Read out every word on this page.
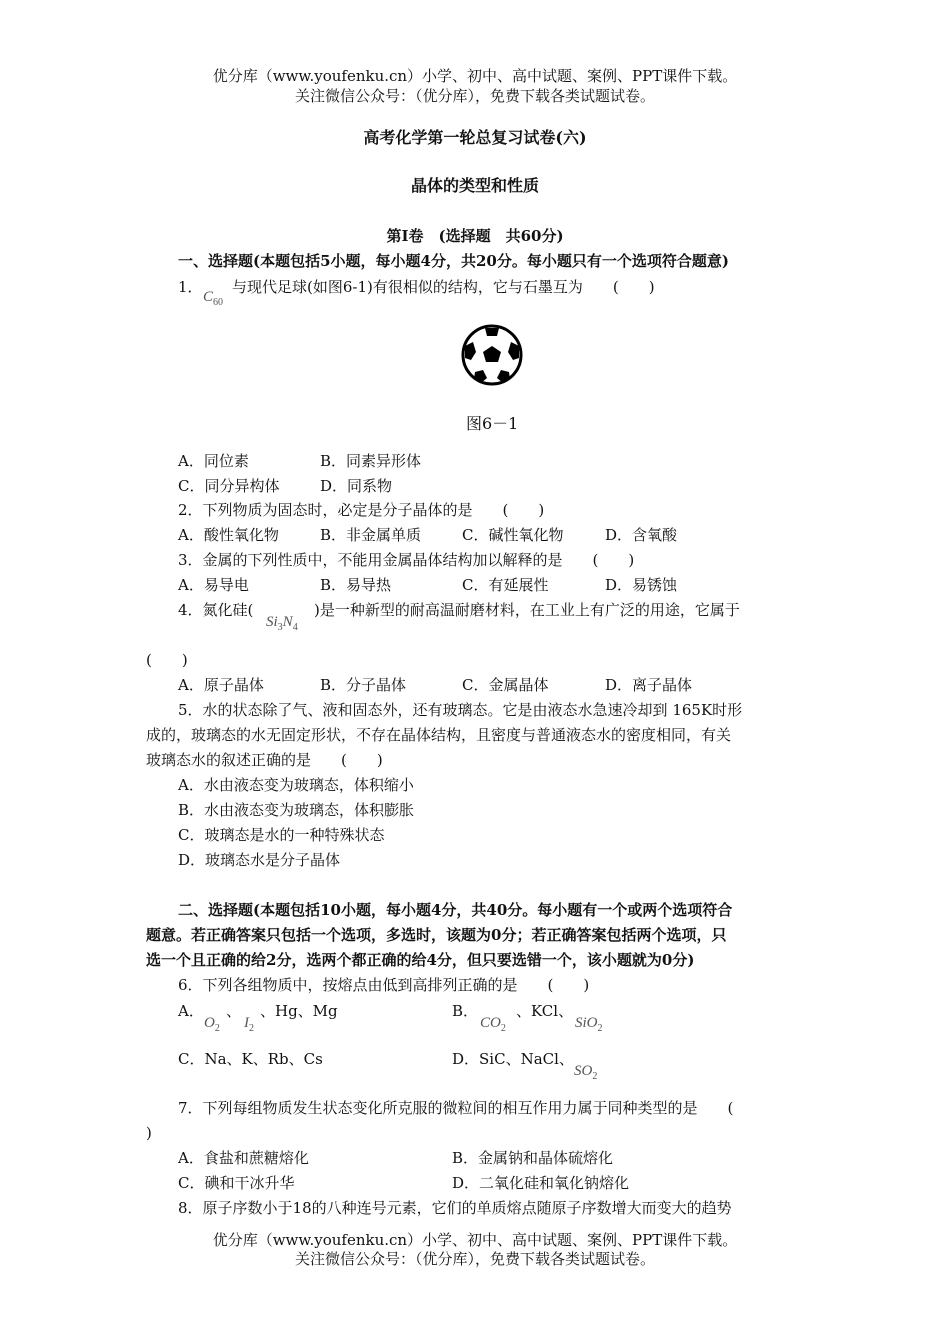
优分库（www.youfenku.cn）小学、初中、高中试题、案例、PPT课件下载。
关注微信公众号：（优分库），免费下载各类试题试卷。
高考化学第一轮总复习试卷(六)
晶体的类型和性质
第Ⅰ卷　(选择题　共60分)
一、选择题(本题包括5小题，每小题4分，共20分。每小题只有一个选项符合题意)
1．
$C_{60}$
与现代足球(如图6-1)有很相似的结构，它与石墨互为　　(　　)
图6－1
A．同位素	B．同素异形体
C．同分异构体	D．同系物
2．下列物质为固态时，必定是分子晶体的是　　(　　)
A．酸性氧化物	B．非金属单质	C．碱性氧化物	D．含氧酸
3．金属的下列性质中，不能用金属晶体结构加以解释的是　　(　　)
A．易导电	B．易导热	C．有延展性	D．易锈蚀
4．氮化硅(
$Si_3N_4$
)是一种新型的耐高温耐磨材料，在工业上有广泛的用途，它属于
(　　)
A．原子晶体	B．分子晶体	C．金属晶体	D．离子晶体
5．水的状态除了气、液和固态外，还有玻璃态。它是由液态水急速冷却到 165K时形
成的，玻璃态的水无固定形状，不存在晶体结构，且密度与普通液态水的密度相同，有关
玻璃态水的叙述正确的是　　(　　)
A．水由液态变为玻璃态，体积缩小
B．水由液态变为玻璃态，体积膨胀
C．玻璃态是水的一种特殊状态
D．玻璃态水是分子晶体
二、选择题(本题包括10小题，每小题4分，共40分。每小题有一个或两个选项符合
题意。若正确答案只包括一个选项，多选时，该题为0分；若正确答案包括两个选项，只
选一个且正确的给2分，选两个都正确的给4分，但只要选错一个，该小题就为0分)
6．下列各组物质中，按熔点由低到高排列正确的是　　(　　)
A．
$O_2$
、
$I_2$
、Hg、Mg	B．
$CO_2$
、KCl、
SiO$_2$
C．Na、K、Rb、Cs	D．SiC、NaCl、
$SO_2$
7．下列每组物质发生状态变化所克服的微粒间的相互作用力属于同种类型的是　　(
)
A．食盐和蔗糖熔化	B．金属钠和晶体硫熔化
C．碘和干冰升华	D．二氧化硅和氧化钠熔化
8．原子序数小于18的八种连号元素，它们的单质熔点随原子序数增大而变大的趋势
优分库（www.youfenku.cn）小学、初中、高中试题、案例、PPT课件下载。
关注微信公众号：（优分库），免费下载各类试题试卷。
